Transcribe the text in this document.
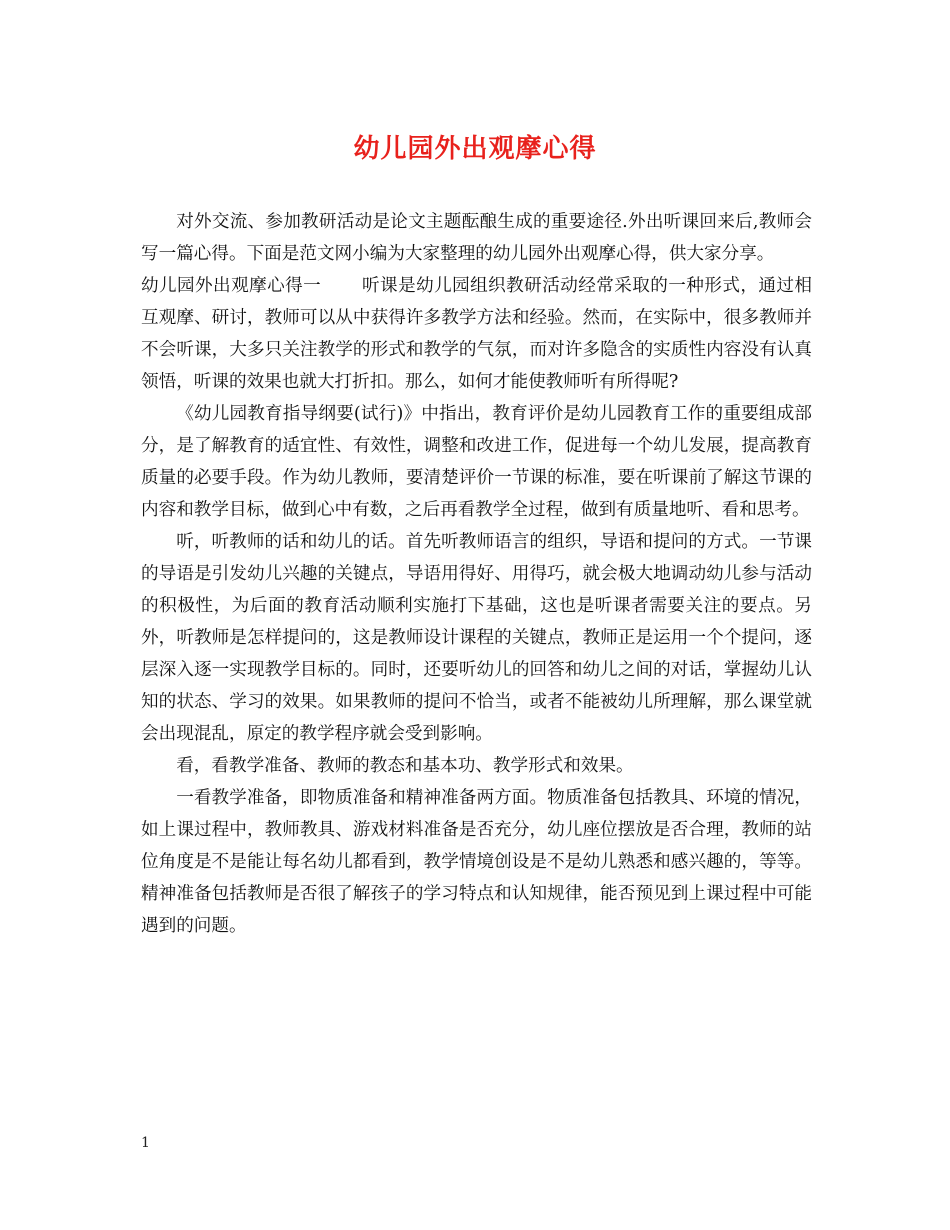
幼儿园外出观摩心得

对外交流、参加教研活动是论文主题酝酿生成的重要途径.外出听课回来后,教师会写一篇心得。下面是范文网小编为大家整理的幼儿园外出观摩心得，供大家分享。

幼儿园外出观摩心得一 听课是幼儿园组织教研活动经常采取的一种形式，通过相互观摩、研讨，教师可以从中获得许多教学方法和经验。然而，在实际中，很多教师并不会听课，大多只关注教学的形式和教学的气氛，而对许多隐含的实质性内容没有认真领悟，听课的效果也就大打折扣。那么，如何才能使教师听有所得呢?

《幼儿园教育指导纲要(试行)》中指出，教育评价是幼儿园教育工作的重要组成部分，是了解教育的适宜性、有效性，调整和改进工作，促进每一个幼儿发展，提高教育质量的必要手段。作为幼儿教师，要清楚评价一节课的标准，要在听课前了解这节课的内容和教学目标，做到心中有数，之后再看教学全过程，做到有质量地听、看和思考。

听，听教师的话和幼儿的话。首先听教师语言的组织，导语和提问的方式。一节课的导语是引发幼儿兴趣的关键点，导语用得好、用得巧，就会极大地调动幼儿参与活动的积极性，为后面的教育活动顺利实施打下基础，这也是听课者需要关注的要点。另外，听教师是怎样提问的，这是教师设计课程的关键点，教师正是运用一个个提问，逐层深入逐一实现教学目标的。同时，还要听幼儿的回答和幼儿之间的对话，掌握幼儿认知的状态、学习的效果。如果教师的提问不恰当，或者不能被幼儿所理解，那么课堂就会出现混乱，原定的教学程序就会受到影响。

看，看教学准备、教师的教态和基本功、教学形式和效果。

一看教学准备，即物质准备和精神准备两方面。物质准备包括教具、环境的情况，如上课过程中，教师教具、游戏材料准备是否充分，幼儿座位摆放是否合理，教师的站位角度是不是能让每名幼儿都看到，教学情境创设是不是幼儿熟悉和感兴趣的，等等。精神准备包括教师是否很了解孩子的学习特点和认知规律，能否预见到上课过程中可能遇到的问题。

1
